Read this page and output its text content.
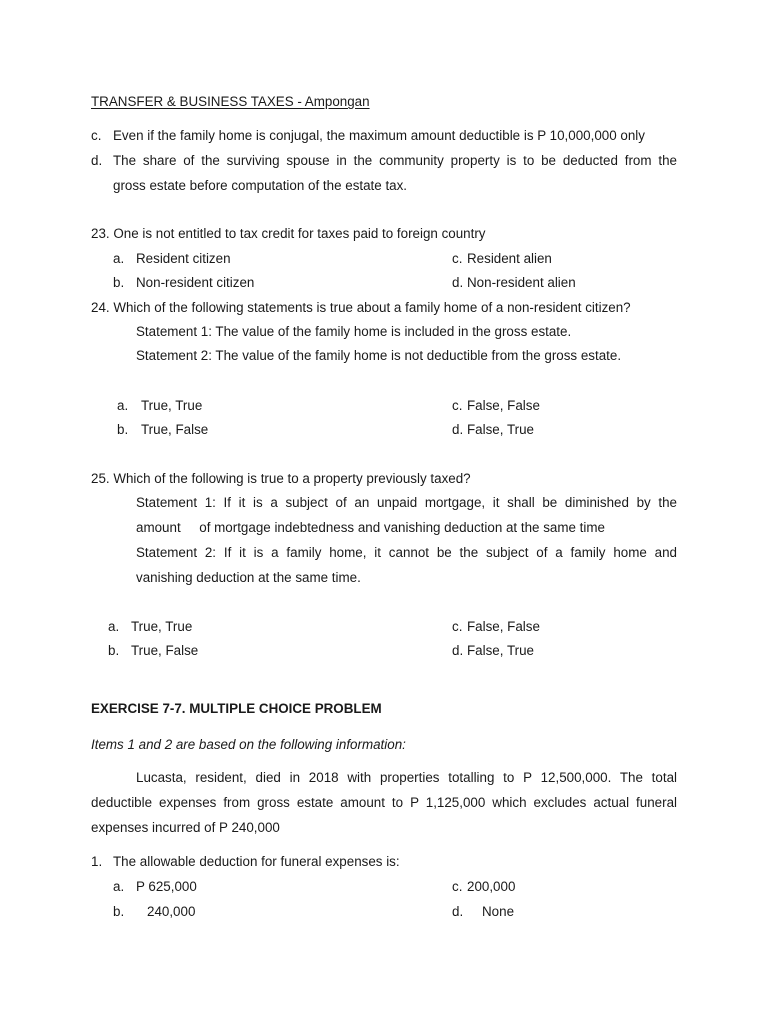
TRANSFER & BUSINESS TAXES - Ampongan
c. Even if the family home is conjugal, the maximum amount deductible is P 10,000,000 only
d. The share of the surviving spouse in the community property is to be deducted from the
gross estate before computation of the estate tax.
23. One is not entitled to tax credit for taxes paid to foreign country
a. Resident citizen	c. Resident alien
b. Non-resident citizen	d. Non-resident alien
24. Which of the following statements is true about a family home of a non-resident citizen?
Statement 1: The value of the family home is included in the gross estate.
Statement 2: The value of the family home is not deductible from the gross estate.
a. True, True	c. False, False
b. True, False	d. False, True
25. Which of the following is true to a property previously taxed?
Statement 1: If it is a subject of an unpaid mortgage, it shall be diminished by the
amount     of mortgage indebtedness and vanishing deduction at the same time
Statement 2: If it is a family home, it cannot be the subject of a family home and
vanishing deduction at the same time.
a. True, True	c. False, False
b. True, False	d. False, True
EXERCISE 7-7. MULTIPLE CHOICE PROBLEM
Items 1 and 2 are based on the following information:
Lucasta, resident, died in 2018 with properties totalling to P 12,500,000. The total
deductible expenses from gross estate amount to P 1,125,000 which excludes actual funeral
expenses incurred of P 240,000
1. The allowable deduction for funeral expenses is:
a. P 625,000	c. 200,000
b. 240,000	d. None
